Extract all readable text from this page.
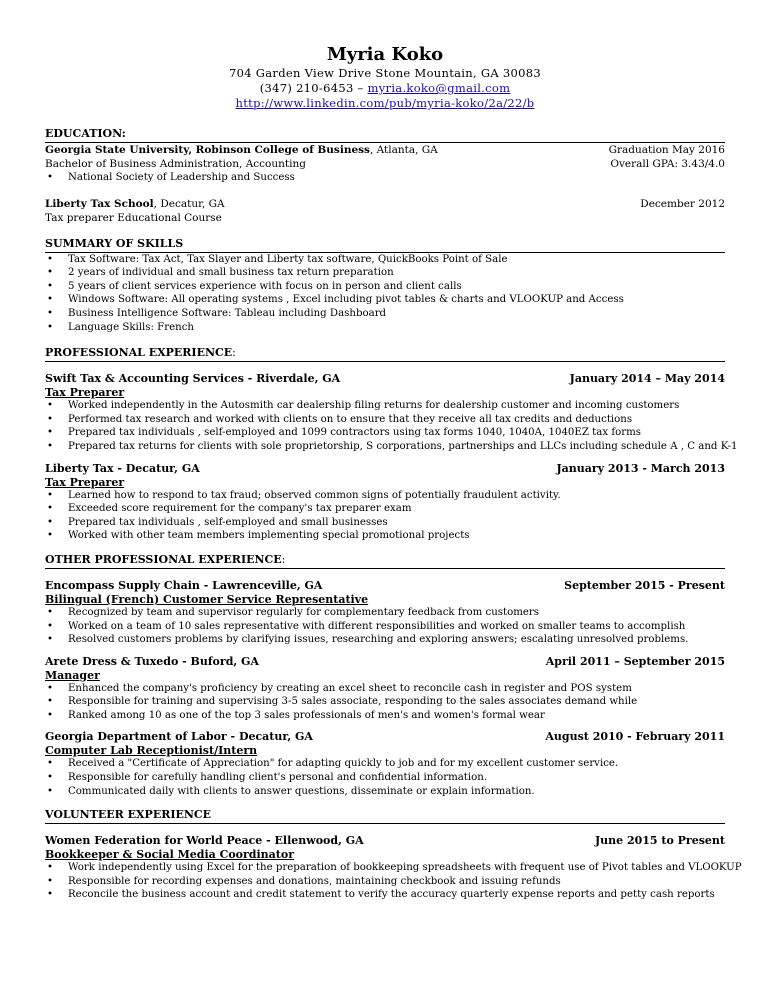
Myria Koko
704 Garden View Drive Stone Mountain, GA 30083
(347) 210-6453 – myria.koko@gmail.com
http://www.linkedin.com/pub/myria-koko/2a/22/b
EDUCATION:
Georgia State University, Robinson College of Business, Atlanta, GA	Graduation May 2016
Bachelor of Business Administration, Accounting	Overall GPA: 3.43/4.0
• National Society of Leadership and Success
Liberty Tax School, Decatur, GA	December 2012
Tax preparer Educational Course
SUMMARY OF SKILLS
• Tax Software: Tax Act, Tax Slayer and Liberty tax software, QuickBooks Point of Sale
• 2 years of individual and small business tax return preparation
• 5 years of client services experience with focus on in person and client calls
• Windows Software: All operating systems , Excel including pivot tables & charts and VLOOKUP and Access
• Business Intelligence Software: Tableau including Dashboard
• Language Skills: French
PROFESSIONAL EXPERIENCE:
Swift Tax & Accounting Services - Riverdale, GA	January 2014 – May 2014
Tax Preparer
• Worked independently in the Autosmith car dealership filing returns for dealership customer and incoming customers
• Performed tax research and worked with clients on to ensure that they receive all tax credits and deductions
• Prepared tax individuals , self-employed and 1099 contractors using tax forms 1040, 1040A, 1040EZ tax forms
• Prepared tax returns for clients with sole proprietorship, S corporations, partnerships and LLCs including schedule A , C and K-1
Liberty Tax - Decatur, GA	January 2013 - March 2013
Tax Preparer
• Learned how to respond to tax fraud; observed common signs of potentially fraudulent activity.
• Exceeded score requirement for the company's tax preparer exam
• Prepared tax individuals , self-employed and small businesses
• Worked with other team members implementing special promotional projects
OTHER PROFESSIONAL EXPERIENCE:
Encompass Supply Chain - Lawrenceville, GA	September 2015 - Present
Bilingual (French) Customer Service Representative
• Recognized by team and supervisor regularly for complementary feedback from customers
• Worked on a team of 10 sales representative with different responsibilities and worked on smaller teams to accomplish
• Resolved customers problems by clarifying issues, researching and exploring answers; escalating unresolved problems.
Arete Dress & Tuxedo - Buford, GA	April 2011 – September 2015
Manager
• Enhanced the company's proficiency by creating an excel sheet to reconcile cash in register and POS system
• Responsible for training and supervising 3-5 sales associate, responding to the sales associates demand while
• Ranked among 10 as one of the top 3 sales professionals of men's and women's formal wear
Georgia Department of Labor - Decatur, GA	August 2010 - February 2011
Computer Lab Receptionist/Intern
• Received a "Certificate of Appreciation" for adapting quickly to job and for my excellent customer service.
• Responsible for carefully handling client's personal and confidential information.
• Communicated daily with clients to answer questions, disseminate or explain information.
VOLUNTEER EXPERIENCE
Women Federation for World Peace - Ellenwood, GA	June 2015 to Present
Bookkeeper & Social Media Coordinator
• Work independently using Excel for the preparation of bookkeeping spreadsheets with frequent use of Pivot tables and VLOOKUP
• Responsible for recording expenses and donations, maintaining checkbook and issuing refunds
• Reconcile the business account and credit statement to verify the accuracy quarterly expense reports and petty cash reports
